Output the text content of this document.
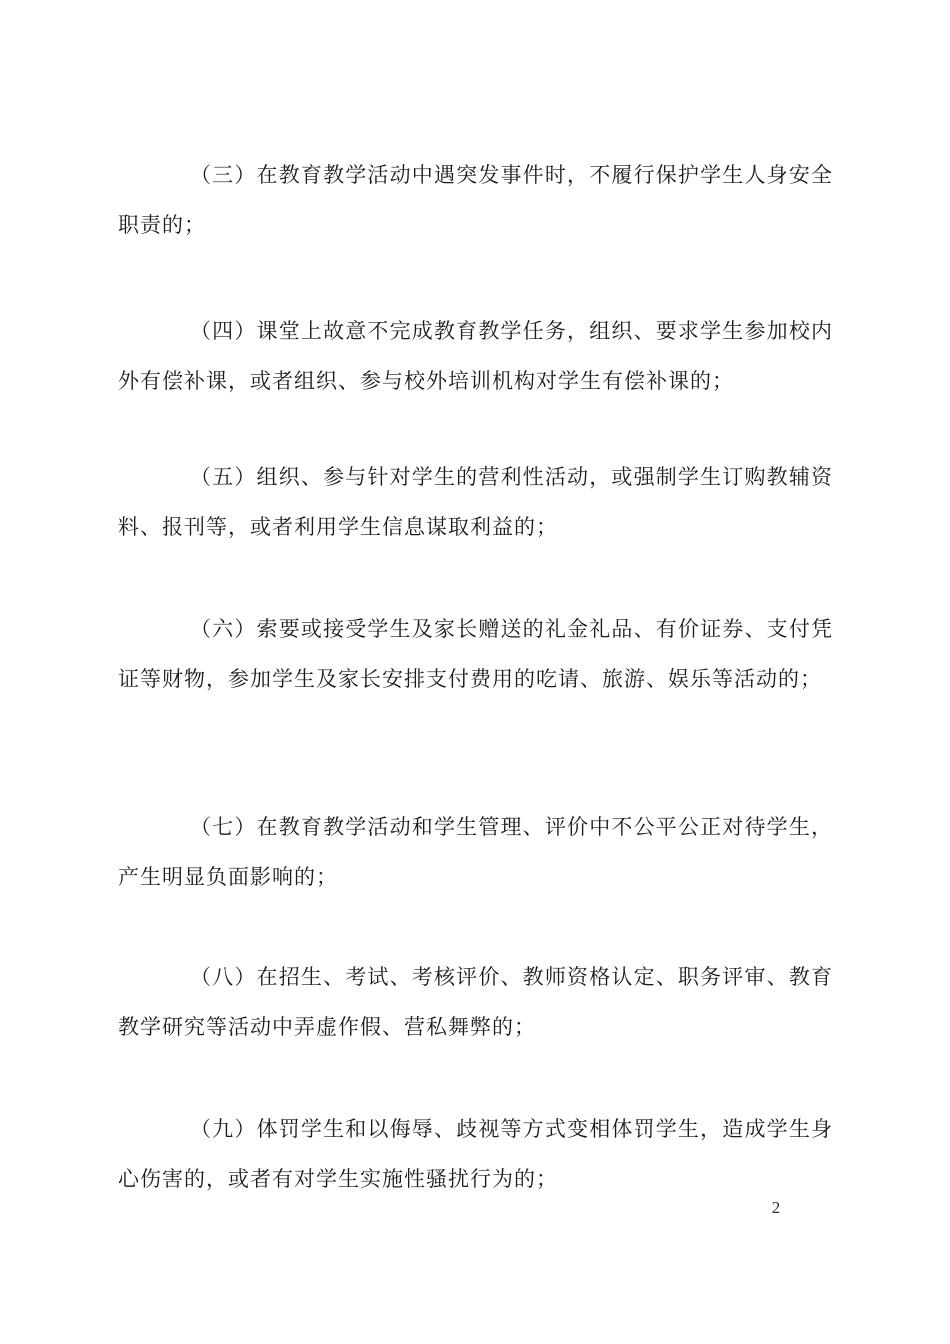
（三）在教育教学活动中遇突发事件时，不履行保护学生人身安全职责的；

（四）课堂上故意不完成教育教学任务，组织、要求学生参加校内外有偿补课，或者组织、参与校外培训机构对学生有偿补课的；

（五）组织、参与针对学生的营利性活动，或强制学生订购教辅资料、报刊等，或者利用学生信息谋取利益的；

（六）索要或接受学生及家长赠送的礼金礼品、有价证券、支付凭证等财物，参加学生及家长安排支付费用的吃请、旅游、娱乐等活动的；

（七）在教育教学活动和学生管理、评价中不公平公正对待学生，产生明显负面影响的；

（八）在招生、考试、考核评价、教师资格认定、职务评审、教育教学研究等活动中弄虚作假、营私舞弊的；

（九）体罚学生和以侮辱、歧视等方式变相体罚学生，造成学生身心伤害的，或者有对学生实施性骚扰行为的；

2
